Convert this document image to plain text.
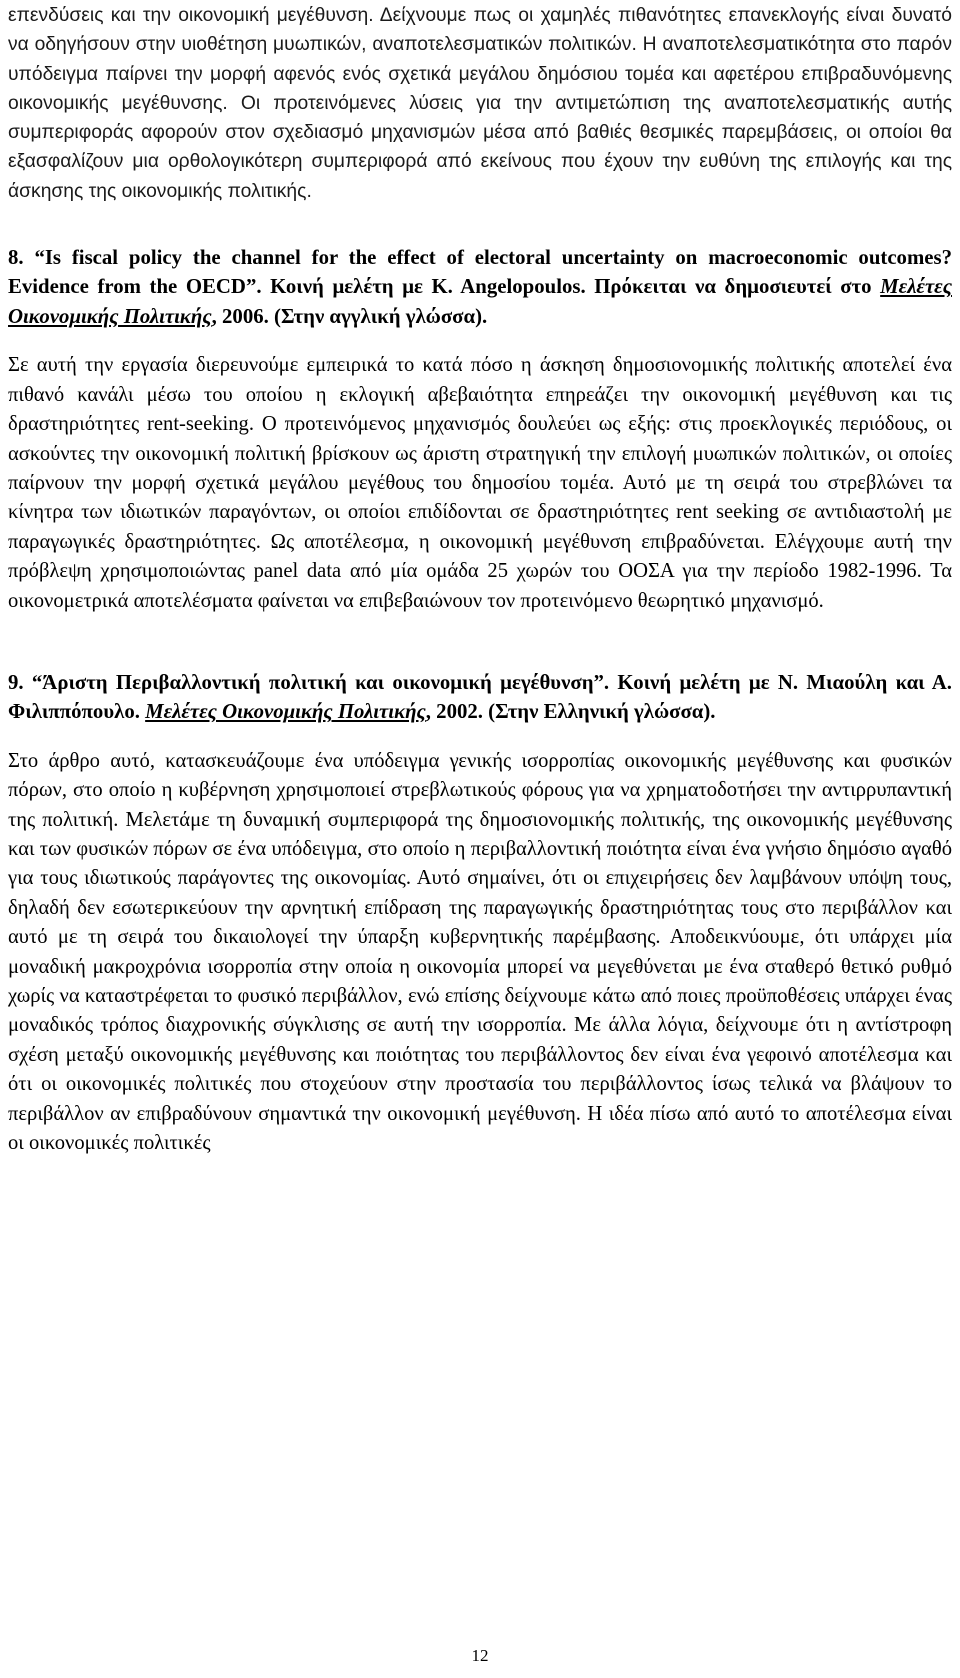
επενδύσεις και την οικονομική μεγέθυνση. Δείχνουμε πως οι χαμηλές πιθανότητες επανεκλογής είναι δυνατό να οδηγήσουν στην υιοθέτηση μυωπικών, αναποτελεσματικών πολιτικών. Η αναποτελεσματικότητα στο παρόν υπόδειγμα παίρνει την μορφή αφενός ενός σχετικά μεγάλου δημόσιου τομέα και αφετέρου επιβραδυνόμενης οικονομικής μεγέθυνσης. Οι προτεινόμενες λύσεις για την αντιμετώπιση της αναποτελεσματικής αυτής συμπεριφοράς αφορούν στον σχεδιασμό μηχανισμών μέσα από βαθιές θεσμικές παρεμβάσεις, οι οποίοι θα εξασφαλίζουν μια ορθολογικότερη συμπεριφορά από εκείνους που έχουν την ευθύνη της επιλογής και της άσκησης της οικονομικής πολιτικής.

8. “Is fiscal policy the channel for the effect of electoral uncertainty on macroeconomic outcomes? Evidence from the OECD”. Κοινή μελέτη με K. Angelopoulos. Πρόκειται να δημοσιευτεί στο Μελέτες Οικονομικής Πολιτικής, 2006. (Στην αγγλική γλώσσα).

Σε αυτή την εργασία διερευνούμε εμπειρικά το κατά πόσο η άσκηση δημοσιονομικής πολιτικής αποτελεί ένα πιθανό κανάλι μέσω του οποίου η εκλογική αβεβαιότητα επηρεάζει την οικονομική μεγέθυνση και τις δραστηριότητες rent-seeking. Ο προτεινόμενος μηχανισμός δουλεύει ως εξής: στις προεκλογικές περιόδους, οι ασκούντες την οικονομική πολιτική βρίσκουν ως άριστη στρατηγική την επιλογή μυωπικών πολιτικών, οι οποίες παίρνουν την μορφή σχετικά μεγάλου μεγέθους του δημοσίου τομέα. Αυτό με τη σειρά του στρεβλώνει τα κίνητρα των ιδιωτικών παραγόντων, οι οποίοι επιδίδονται σε δραστηριότητες rent seeking σε αντιδιαστολή με παραγωγικές δραστηριότητες. Ως αποτέλεσμα, η οικονομική μεγέθυνση επιβραδύνεται. Ελέγχουμε αυτή την πρόβλεψη χρησιμοποιώντας panel data από μία ομάδα 25 χωρών του ΟΟΣΑ για την περίοδο 1982-1996. Τα οικονομετρικά αποτελέσματα φαίνεται να επιβεβαιώνουν τον προτεινόμενο θεωρητικό μηχανισμό.

9. “Άριστη Περιβαλλοντική πολιτική και οικονομική μεγέθυνση”. Κοινή μελέτη με Ν. Μιαούλη και Α. Φιλιππόπουλο. Μελέτες Οικονομικής Πολιτικής, 2002. (Στην Ελληνική γλώσσα).

Στο άρθρο αυτό, κατασκευάζουμε ένα υπόδειγμα γενικής ισορροπίας οικονομικής μεγέθυνσης και φυσικών πόρων, στο οποίο η κυβέρνηση χρησιμοποιεί στρεβλωτικούς φόρους για να χρηματοδοτήσει την αντιρρυπαντική της πολιτική. Μελετάμε τη δυναμική συμπεριφορά της δημοσιονομικής πολιτικής, της οικονομικής μεγέθυνσης και των φυσικών πόρων σε ένα υπόδειγμα, στο οποίο η περιβαλλοντική ποιότητα είναι ένα γνήσιο δημόσιο αγαθό για τους ιδιωτικούς παράγοντες της οικονομίας. Αυτό σημαίνει, ότι οι επιχειρήσεις δεν λαμβάνουν υπόψη τους, δηλαδή δεν εσωτερικεύουν την αρνητική επίδραση της παραγωγικής δραστηριότητας τους στο περιβάλλον και αυτό με τη σειρά του δικαιολογεί την ύπαρξη κυβερνητικής παρέμβασης. Αποδεικνύουμε, ότι υπάρχει μία μοναδική μακροχρόνια ισορροπία στην οποία η οικονομία μπορεί να μεγεθύνεται με ένα σταθερό θετικό ρυθμό χωρίς να καταστρέφεται το φυσικό περιβάλλον, ενώ επίσης δείχνουμε κάτω από ποιες προϋποθέσεις υπάρχει ένας μοναδικός τρόπος διαχρονικής σύγκλισης σε αυτή την ισορροπία. Με άλλα λόγια, δείχνουμε ότι η αντίστροφη σχέση μεταξύ οικονομικής μεγέθυνσης και ποιότητας του περιβάλλοντος δεν είναι ένα γεφοινό αποτέλεσμα και ότι οι οικονομικές πολιτικές που στοχεύουν στην προστασία του περιβάλλοντος ίσως τελικά να βλάψουν το περιβάλλον αν επιβραδύνουν σημαντικά την οικονομική μεγέθυνση. Η ιδέα πίσω από αυτό το αποτέλεσμα είναι οι οικονομικές πολιτικές

12
